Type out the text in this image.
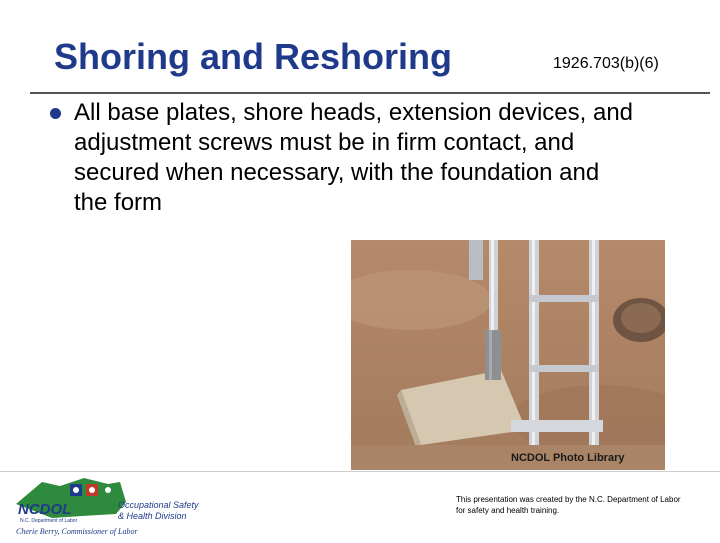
Shoring and Reshoring	1926.703(b)(6)
All base plates, shore heads, extension devices, and adjustment screws must be in firm contact, and secured when necessary, with the foundation and the form
NCDOL Photo Library
NCDOL
N.C. Department of Labor
Occupational Safety
& Health Division
Cherie Berry, Commissioner of Labor
This presentation was created by the N.C. Department of Labor for safety and health training.
